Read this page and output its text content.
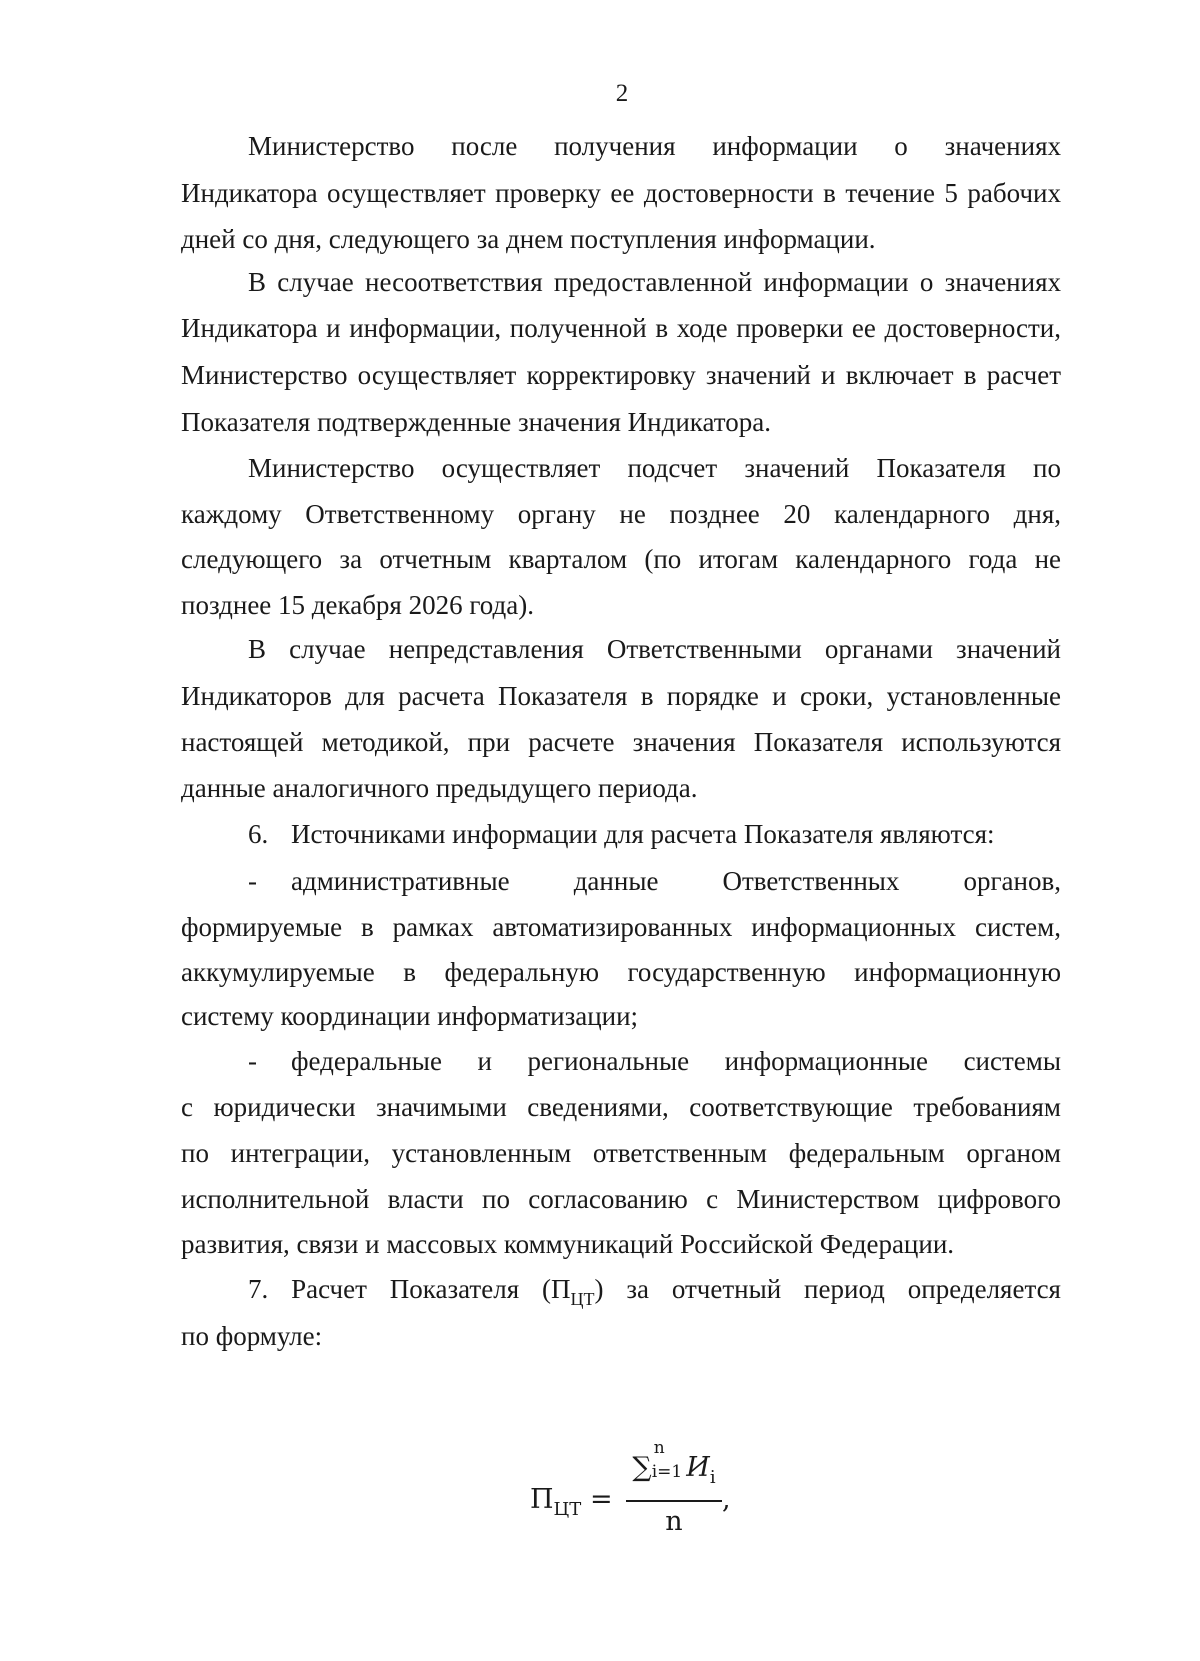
2
Министерство после получения информации о значениях
Индикатора осуществляет проверку ее достоверности в течение 5 рабочих
дней со дня, следующего за днем поступления информации.
В случае несоответствия предоставленной информации о значениях
Индикатора и информации, полученной в ходе проверки ее достоверности,
Министерство осуществляет корректировку значений и включает в расчет
Показателя подтвержденные значения Индикатора.
Министерство осуществляет подсчет значений Показателя по
каждому Ответственному органу не позднее 20 календарного дня,
следующего за отчетным кварталом (по итогам календарного года не
позднее 15 декабря 2026 года).
В случае непредставления Ответственными органами значений
Индикаторов для расчета Показателя в порядке и сроки, установленные
настоящей методикой, при расчете значения Показателя используются
данные аналогичного предыдущего периода.
6. Источниками информации для расчета Показателя являются:
- административные данные Ответственных органов,
формируемые в рамках автоматизированных информационных систем,
аккумулируемые в федеральную государственную информационную
систему координации информатизации;
- федеральные и региональные информационные системы
с юридически значимыми сведениями, соответствующие требованиям
по интеграции, установленным ответственным федеральным органом
исполнительной власти по согласованию с Министерством цифрового
развития, связи и массовых коммуникаций Российской Федерации.
7. Расчет Показателя $(П_{ЦТ})$ за отчетный период определяется
по формуле:
$П_{ЦТ}$ =
∑
n
i=1 $И_i$
n
,
